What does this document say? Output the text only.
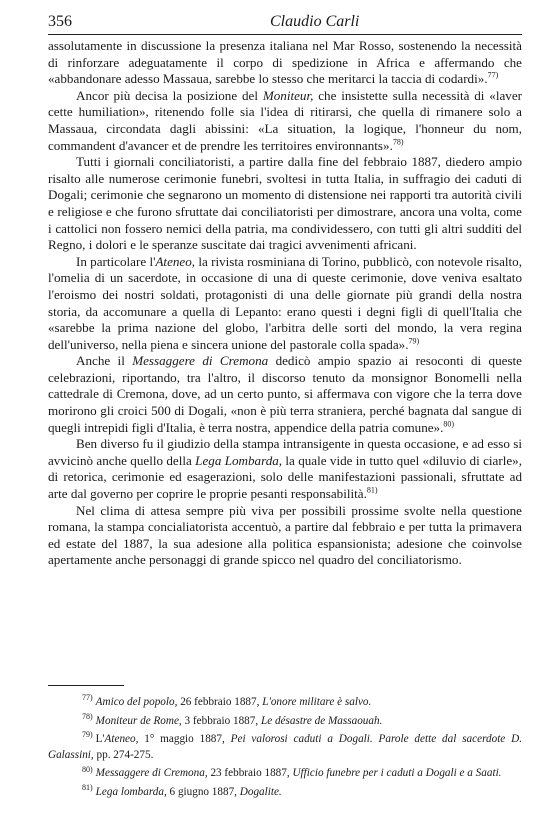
356	Claudio Carli

assolutamente in discussione la presenza italiana nel Mar Rosso, sostenendo la necessità di rinforzare adeguatamente il corpo di spedizione in Africa e affermando che «abbandonare adesso Massaua, sarebbe lo stesso che meritarci la taccia di codardi».$^{77)}$

Ancor più decisa la posizione del Moniteur, che insistette sulla necessità di «laver cette humiliation», ritenendo folle sia l'idea di ritirarsi, che quella di rimanere solo a Massaua, circondata dagli abissini: «La situation, la logique, l'honneur du nom, commandent d'avancer et de prendre les territoires environnants».$^{78)}$

Tutti i giornali conciliatoristi, a partire dalla fine del febbraio 1887, diedero ampio risalto alle numerose cerimonie funebri, svoltesi in tutta Italia, in suffragio dei caduti di Dogali; cerimonie che segnarono un momento di distensione nei rapporti tra autorità civili e religiose e che furono sfruttate dai conciliatoristi per dimostrare, ancora una volta, come i cattolici non fossero nemici della patria, ma condividessero, con tutti gli altri sudditi del Regno, i dolori e le speranze suscitate dai tragici avvenimenti africani.

In particolare l'Ateneo, la rivista rosminiana di Torino, pubblicò, con notevole risalto, l'omelia di un sacerdote, in occasione di una di queste cerimonie, dove veniva esaltato l'eroismo dei nostri soldati, protagonisti di una delle giornate più grandi della nostra storia, da accomunare a quella di Lepanto: erano questi i degni figli di quell'Italia che «sarebbe la prima nazione del globo, l'arbitra delle sorti del mondo, la vera regina dell'universo, nella piena e sincera unione del pastorale colla spada».$^{79)}$

Anche il Messaggere di Cremona dedicò ampio spazio ai resoconti di queste celebrazioni, riportando, tra l'altro, il discorso tenuto da monsignor Bonomelli nella cattedrale di Cremona, dove, ad un certo punto, si affermava con vigore che la terra dove morirono gli croici 500 di Dogali, «non è più terra straniera, perché bagnata dal sangue di quegli intrepidi figli d'Italia, è terra nostra, appendice della patria comune».$^{80)}$

Ben diverso fu il giudizio della stampa intransigente in questa occasione, e ad esso si avvicinò anche quello della Lega Lombarda, la quale vide in tutto quel «diluvio di ciarle», di retorica, cerimonie ed esagerazioni, solo delle manifestazioni passionali, sfruttate ad arte dal governo per coprire le proprie pesanti responsabilità.$^{81)}$

Nel clima di attesa sempre più viva per possibili prossime svolte nella questione romana, la stampa concialiatorista accentuò, a partire dal febbraio e per tutta la primavera ed estate del 1887, la sua adesione alla politica espansionista; adesione che coinvolse apertamente anche personaggi di grande spicco nel quadro del conciliatorismo.

$^{77)}$ Amico del popolo, 26 febbraio 1887, L'onore militare è salvo.

$^{78)}$ Moniteur de Rome, 3 febbraio 1887, Le désastre de Massaouah.

$^{79)}$ L'Ateneo, 1° maggio 1887, Pei valorosi caduti a Dogali. Parole dette dal sacerdote D. Galassini, pp. 274-275.

$^{80)}$ Messaggere di Cremona, 23 febbraio 1887, Ufficio funebre per i caduti a Dogali e a Saati.

$^{81)}$ Lega lombarda, 6 giugno 1887, Dogalite.
